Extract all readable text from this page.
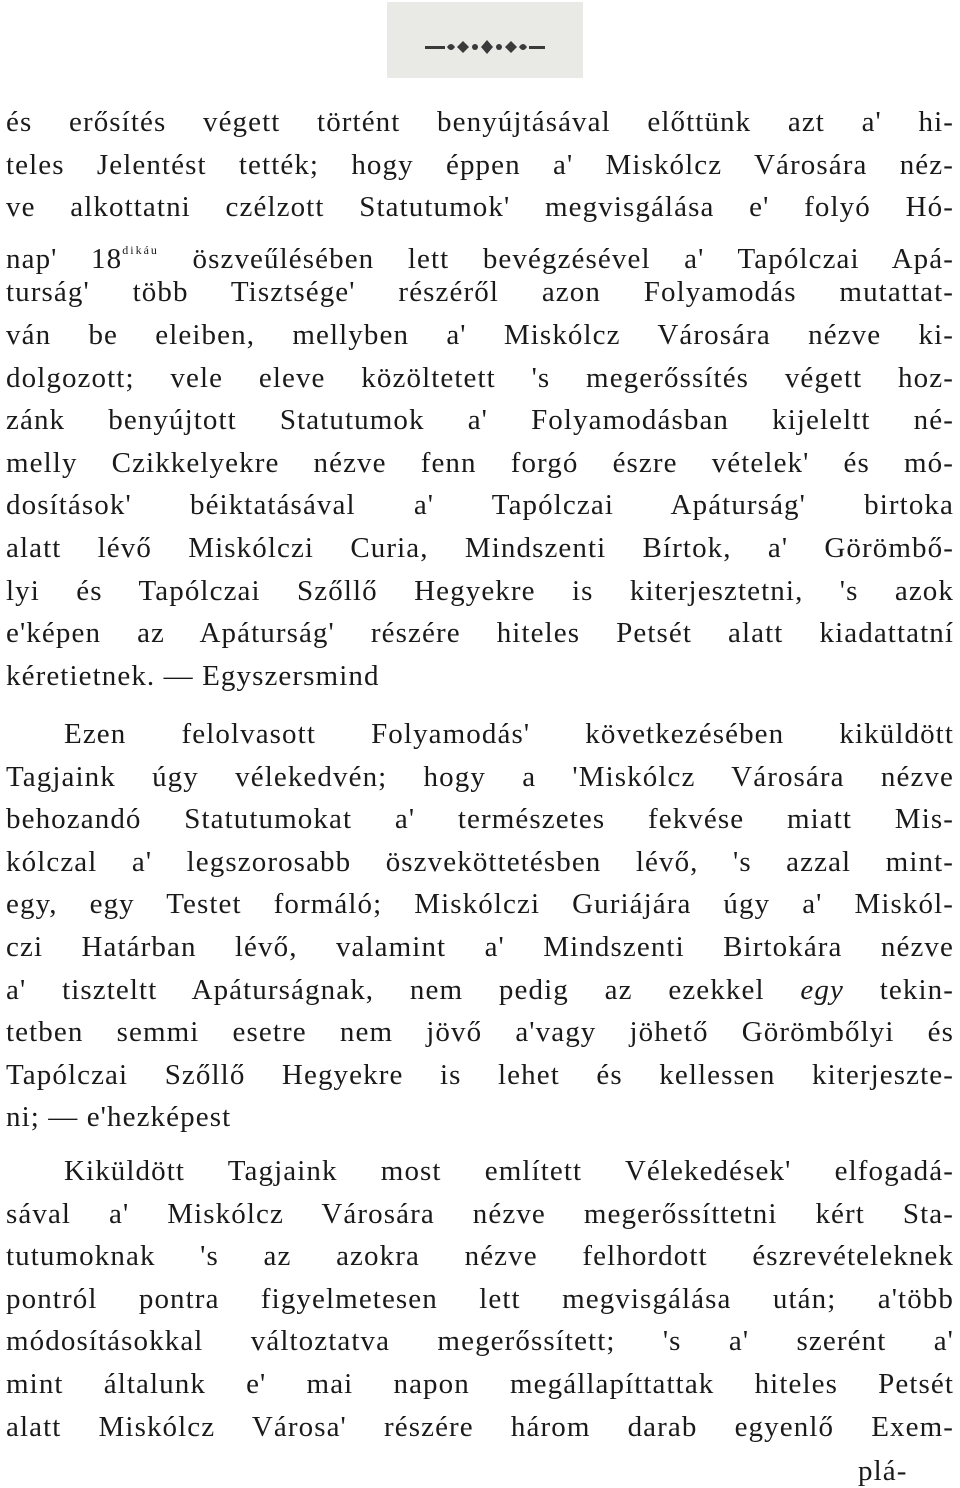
és erősítés végett történt benyújtásával előttünk azt a' hi-
teles Jelentést tették; hogy éppen a' Miskólcz Városára néz-
ve alkottatni czélzott Statutumok' megvisgálása e' folyó Hó-
nap' $18^{dikáu}$ öszveűlésében lett bevégzésével a' Tapólczai Apá-
turság' több Tisztsége' részéről azon Folyamodás mutattat-
ván be eleiben, mellyben a' Miskólcz Városára nézve ki-
dolgozott; vele eleve közöltetett 's megerőssítés végett hoz-
zánk benyújtott Statutumok a' Folyamodásban kijeleltt né-
melly Czikkelyekre nézve fenn forgó észre vételek' és mó-
dosítások' béiktatásával a' Tapólczai Apáturság' birtoka
alatt lévő Miskólczi Curia, Mindszenti Bírtok, a' Görömbő-
lyi és Tapólczai Szőllő Hegyekre is kiterjesztetni, 's azok
e'képen az Apáturság' részére hiteles Petsét alatt kiadattatní
kéretietnek. — Egyszersmind
Ezen felolvasott Folyamodás' következésében kiküldött
Tagjaink úgy vélekedvén; hogy a 'Miskólcz Városára nézve
behozandó Statutumokat a' természetes fekvése miatt Mis-
kólczal a' legszorosabb öszveköttetésben lévő, 's azzal mint-
egy, egy Testet formáló; Miskólczi Guriájára úgy a' Miskól-
czi Határban lévő, valamint a' Mindszenti Birtokára nézve
a' tiszteltt Apáturságnak, nem pedig az ezekkel egy tekin-
tetben semmi esetre nem jövő a'vagy jöhető Görömbőlyi és
Tapólczai Szőllő Hegyekre is lehet és kellessen kiterjeszte-
ni; — e'hezképest
Kiküldött Tagjaink most említett Vélekedések' elfogadá-
sával a' Miskólcz Városára nézve megerőssíttetni kért Sta-
tutumoknak 's az azokra nézve felhordott észrevételeknek
pontról pontra figyelmetesen lett megvisgálása után; a'több
módosításokkal változtatva megerőssített; 's a' szerént a'
mint általunk e' mai napon megállapíttattak hiteles Petsét
alatt Miskólcz Városa' részére három darab egyenlő Exem-
plá-
